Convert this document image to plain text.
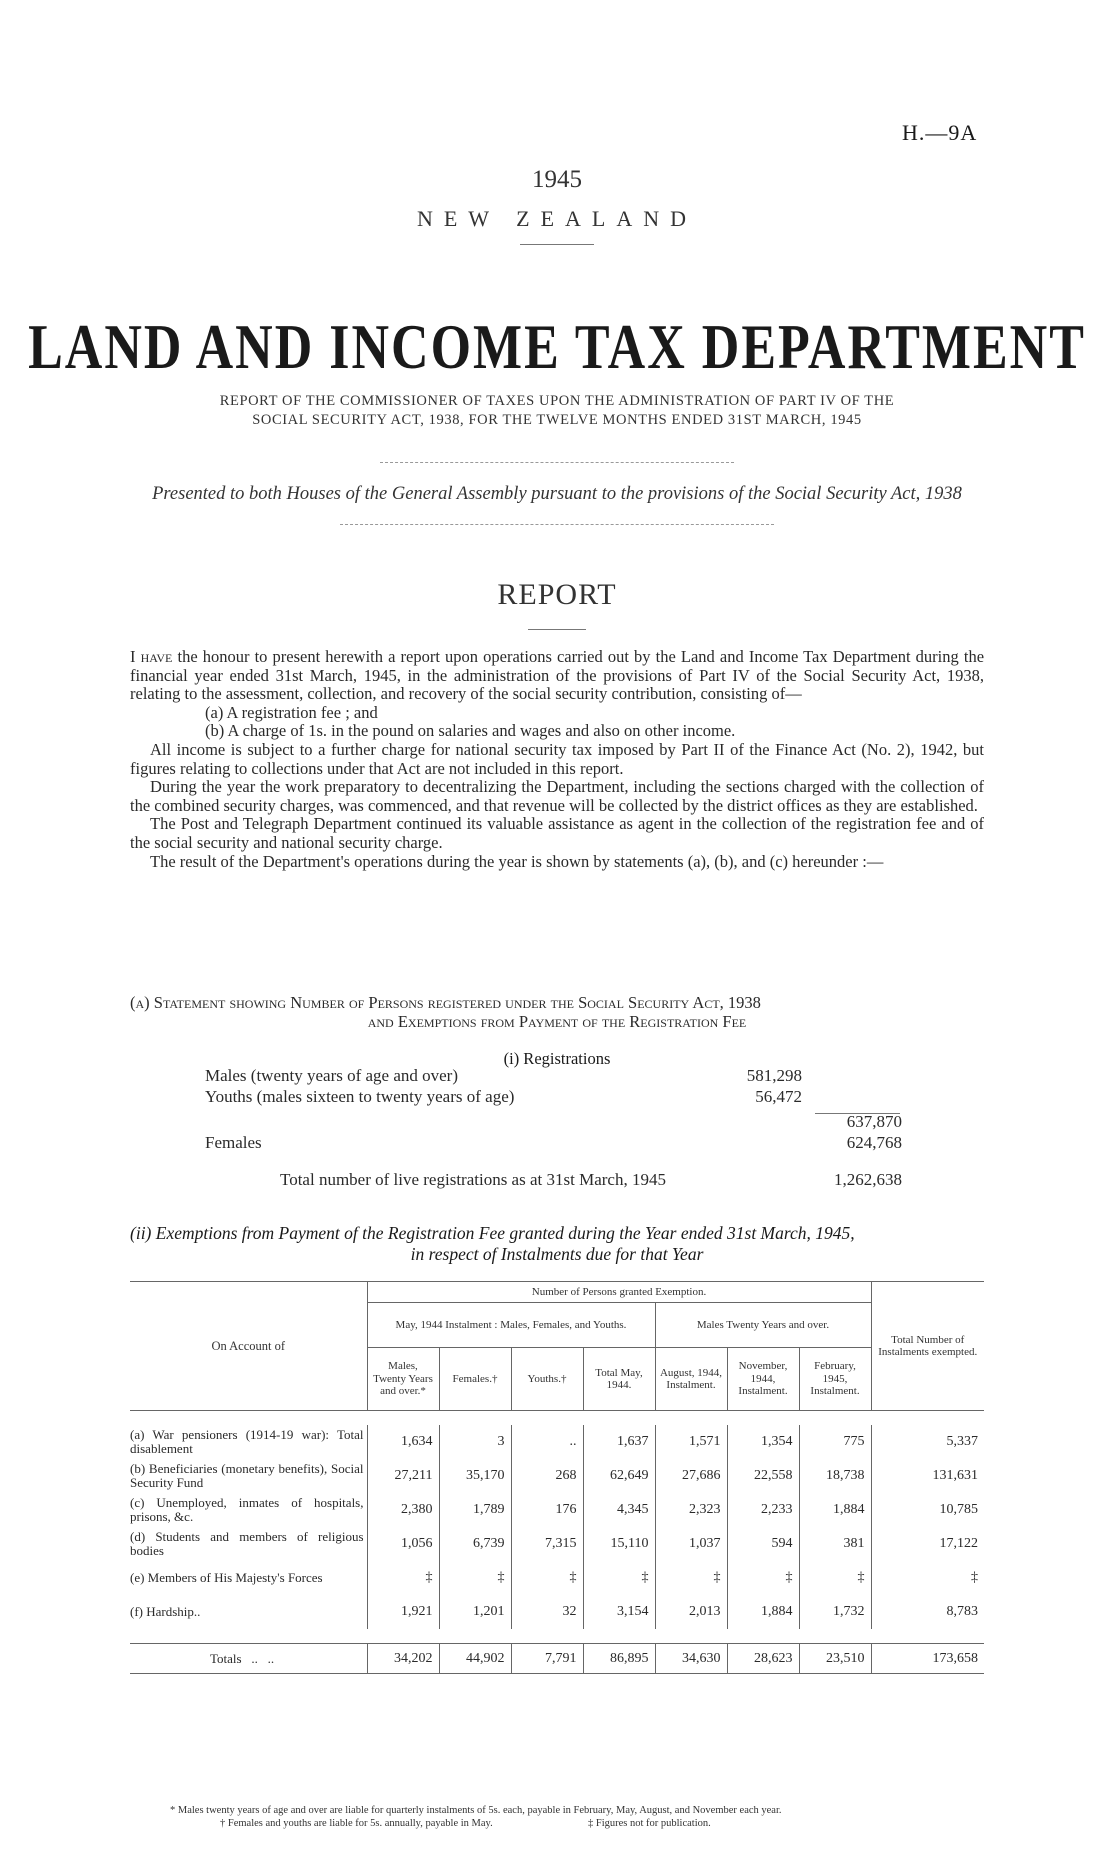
H.—9A
1945
NEW ZEALAND
LAND AND INCOME TAX DEPARTMENT
REPORT OF THE COMMISSIONER OF TAXES UPON THE ADMINISTRATION OF PART IV OF THE
SOCIAL SECURITY ACT, 1938, FOR THE TWELVE MONTHS ENDED 31ST MARCH, 1945
Presented to both Houses of the General Assembly pursuant to the provisions of the Social Security Act, 1938
REPORT

I have the honour to present herewith a report upon operations carried out by the Land and Income Tax Department during the financial year ended 31st March, 1945, in the administration of the provisions of Part IV of the Social Security Act, 1938, relating to the assessment, collection, and recovery of the social security contribution, consisting of—

(a) A registration fee ; and

(b) A charge of 1s. in the pound on salaries and wages and also on other income.

All income is subject to a further charge for national security tax imposed by Part II of the Finance Act (No. 2), 1942, but figures relating to collections under that Act are not included in this report.

During the year the work preparatory to decentralizing the Department, including the sections charged with the collection of the combined security charges, was commenced, and that revenue will be collected by the district offices as they are established.

The Post and Telegraph Department continued its valuable assistance as agent in the collection of the registration fee and of the social security and national security charge.

The result of the Department's operations during the year is shown by statements (a), (b), and (c) hereunder :—

(a) Statement showing Number of Persons registered under the Social Security Act, 1938
and Exemptions from Payment of the Registration Fee
(i) Registrations
Males (twenty years of age and over)	581,298
Youths (males sixteen to twenty years of age)	56,472
637,870
Females	624,768
Total number of live registrations as at 31st March, 1945	1,262,638
(ii) Exemptions from Payment of the Registration Fee granted during the Year ended 31st March, 1945,
in respect of Instalments due for that Year
On Account of	Number of Persons granted Exemption.							Total Number of Instalments exempted.
	May, 1944 Instalment : Males, Females, and Youths.				Males Twenty Years and over.			
	Males, Twenty Years and over.*	Females.†	Youths.†	Total May, 1944.	August, 1944, Instalment.	November, 1944, Instalment.	February, 1945, Instalment.	

(a) War pensioners (1914-19 war): Total disablement	1,634	3	..	1,637	1,571	1,354	775	5,337
(b) Beneficiaries (monetary benefits), Social Security Fund	27,211	35,170	268	62,649	27,686	22,558	18,738	131,631
(c) Unemployed, inmates of hospitals, prisons, &c.	2,380	1,789	176	4,345	2,323	2,233	1,884	10,785
(d) Students and members of religious bodies	1,056	6,739	7,315	15,110	1,037	594	381	17,122
(e) Members of His Majesty's Forces	‡	‡	‡	‡	‡	‡	‡	‡
(f) Hardship..	1,921	1,201	32	3,154	2,013	1,884	1,732	8,783

Totals   ..   ..	34,202	44,902	7,791	86,895	34,630	28,623	23,510	173,658
* Males twenty years of age and over are liable for quarterly instalments of 5s. each, payable in February, May, August, and November each year.
† Females and youths are liable for 5s. annually, payable in May.	‡ Figures not for publication.
